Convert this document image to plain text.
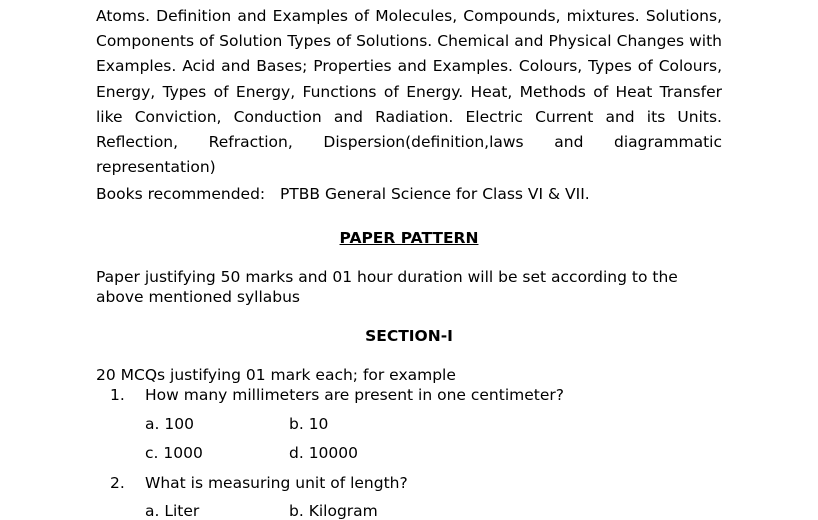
Atoms. Definition and Examples of Molecules, Compounds, mixtures. Solutions, Components of Solution Types of Solutions. Chemical and Physical Changes with Examples. Acid and Bases; Properties and Examples. Colours, Types of Colours, Energy, Types of Energy, Functions of Energy. Heat, Methods of Heat Transfer like Conviction, Conduction and Radiation. Electric Current and its Units. Reflection, Refraction, Dispersion(definition,laws and diagrammatic representation)

Books recommended: PTBB General Science for Class VI & VII.
PAPER PATTERN
Paper justifying 50 marks and 01 hour duration will be set according to the above mentioned syllabus
SECTION-I
20 MCQs justifying 01 mark each; for example
1. How many millimeters are present in one centimeter?
a. 100	b. 10
c. 1000	d. 10000
2. What is measuring unit of length?
a. Liter	b. Kilogram
